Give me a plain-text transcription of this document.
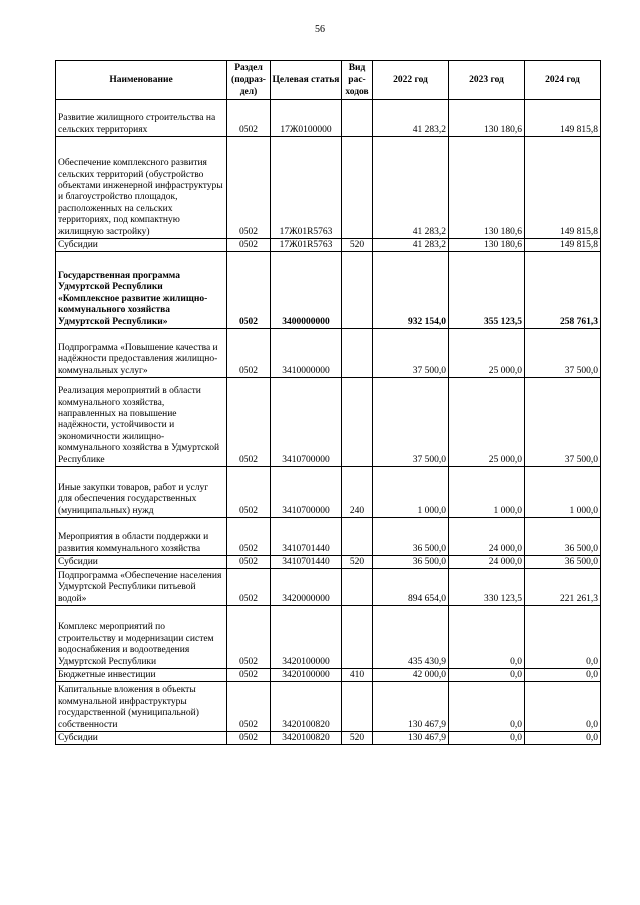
56
Наименование	Раздел (подраз-дел)	Целевая статья	Вид рас-ходов	2022 год	2023 год	2024 год
Развитие жилищного строительства на сельских территориях	0502	17Ж0100000		41 283,2	130 180,6	149 815,8
Обеспечение комплексного развития сельских территорий (обустройство объектами инженерной инфраструктуры и благоустройство площадок, расположенных на сельских территориях, под компактную жилищную застройку)	0502	17Ж01R5763		41 283,2	130 180,6	149 815,8
Субсидии	0502	17Ж01R5763	520	41 283,2	130 180,6	149 815,8
Государственная программа Удмуртской Республики «Комплексное развитие жилищно-коммунального хозяйства Удмуртской Республики»	0502	3400000000		932 154,0	355 123,5	258 761,3
Подпрограмма «Повышение качества и надёжности предоставления жилищно-коммунальных услуг»	0502	3410000000		37 500,0	25 000,0	37 500,0
Реализация мероприятий в области коммунального хозяйства, направленных на повышение надёжности, устойчивости и экономичности жилищно-коммунального хозяйства в Удмуртской Республике	0502	3410700000		37 500,0	25 000,0	37 500,0
Иные закупки товаров, работ и услуг для обеспечения государственных (муниципальных) нужд	0502	3410700000	240	1 000,0	1 000,0	1 000,0
Мероприятия в области поддержки и развития коммунального хозяйства	0502	3410701440		36 500,0	24 000,0	36 500,0
Субсидии	0502	3410701440	520	36 500,0	24 000,0	36 500,0
Подпрограмма «Обеспечение населения Удмуртской Республики питьевой водой»	0502	3420000000		894 654,0	330 123,5	221 261,3
Комплекс мероприятий по строительству и модернизации систем водоснабжения и водоотведения Удмуртской Республики	0502	3420100000		435 430,9	0,0	0,0
Бюджетные инвестиции	0502	3420100000	410	42 000,0	0,0	0,0
Капитальные вложения в объекты коммунальной инфраструктуры государственной (муниципальной) собственности	0502	3420100820		130 467,9	0,0	0,0
Субсидии	0502	3420100820	520	130 467,9	0,0	0,0
